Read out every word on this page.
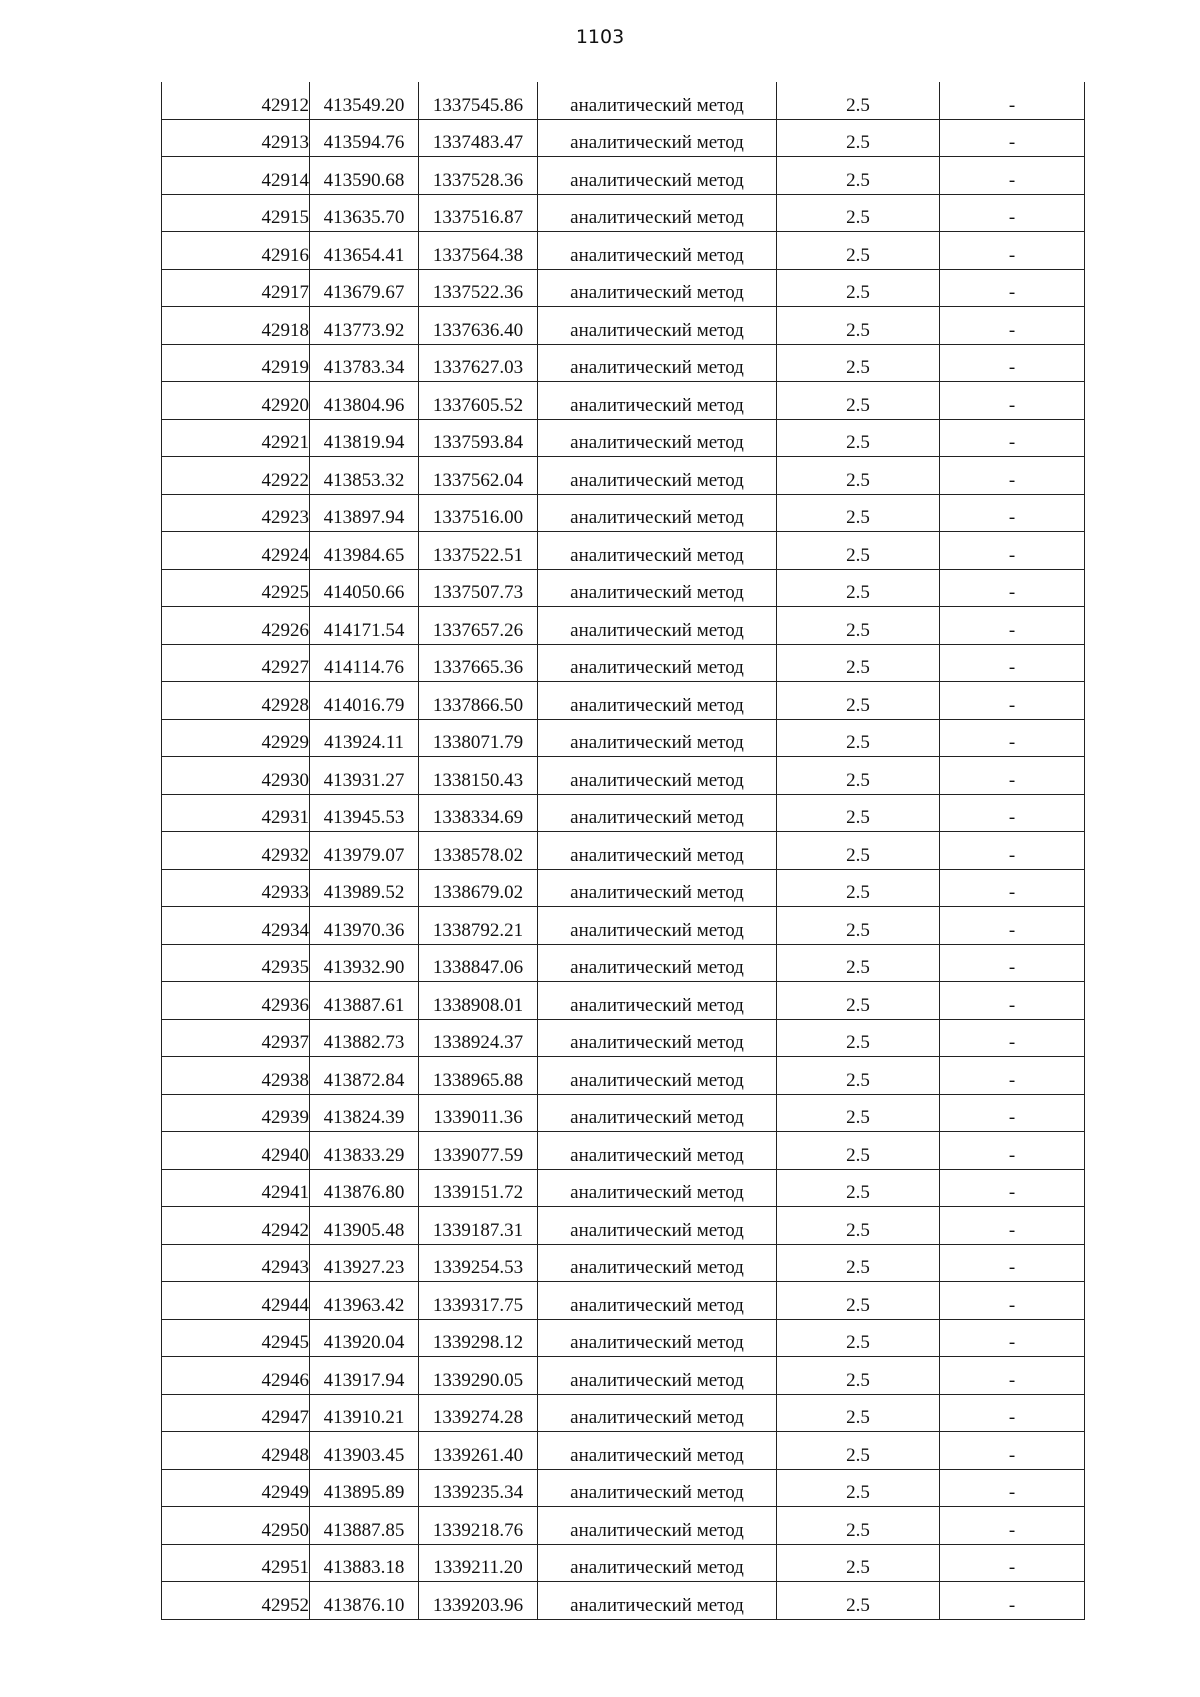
1103
42912	413549.20	1337545.86	аналитический метод	2.5	-
42913	413594.76	1337483.47	аналитический метод	2.5	-
42914	413590.68	1337528.36	аналитический метод	2.5	-
42915	413635.70	1337516.87	аналитический метод	2.5	-
42916	413654.41	1337564.38	аналитический метод	2.5	-
42917	413679.67	1337522.36	аналитический метод	2.5	-
42918	413773.92	1337636.40	аналитический метод	2.5	-
42919	413783.34	1337627.03	аналитический метод	2.5	-
42920	413804.96	1337605.52	аналитический метод	2.5	-
42921	413819.94	1337593.84	аналитический метод	2.5	-
42922	413853.32	1337562.04	аналитический метод	2.5	-
42923	413897.94	1337516.00	аналитический метод	2.5	-
42924	413984.65	1337522.51	аналитический метод	2.5	-
42925	414050.66	1337507.73	аналитический метод	2.5	-
42926	414171.54	1337657.26	аналитический метод	2.5	-
42927	414114.76	1337665.36	аналитический метод	2.5	-
42928	414016.79	1337866.50	аналитический метод	2.5	-
42929	413924.11	1338071.79	аналитический метод	2.5	-
42930	413931.27	1338150.43	аналитический метод	2.5	-
42931	413945.53	1338334.69	аналитический метод	2.5	-
42932	413979.07	1338578.02	аналитический метод	2.5	-
42933	413989.52	1338679.02	аналитический метод	2.5	-
42934	413970.36	1338792.21	аналитический метод	2.5	-
42935	413932.90	1338847.06	аналитический метод	2.5	-
42936	413887.61	1338908.01	аналитический метод	2.5	-
42937	413882.73	1338924.37	аналитический метод	2.5	-
42938	413872.84	1338965.88	аналитический метод	2.5	-
42939	413824.39	1339011.36	аналитический метод	2.5	-
42940	413833.29	1339077.59	аналитический метод	2.5	-
42941	413876.80	1339151.72	аналитический метод	2.5	-
42942	413905.48	1339187.31	аналитический метод	2.5	-
42943	413927.23	1339254.53	аналитический метод	2.5	-
42944	413963.42	1339317.75	аналитический метод	2.5	-
42945	413920.04	1339298.12	аналитический метод	2.5	-
42946	413917.94	1339290.05	аналитический метод	2.5	-
42947	413910.21	1339274.28	аналитический метод	2.5	-
42948	413903.45	1339261.40	аналитический метод	2.5	-
42949	413895.89	1339235.34	аналитический метод	2.5	-
42950	413887.85	1339218.76	аналитический метод	2.5	-
42951	413883.18	1339211.20	аналитический метод	2.5	-
42952	413876.10	1339203.96	аналитический метод	2.5	-
